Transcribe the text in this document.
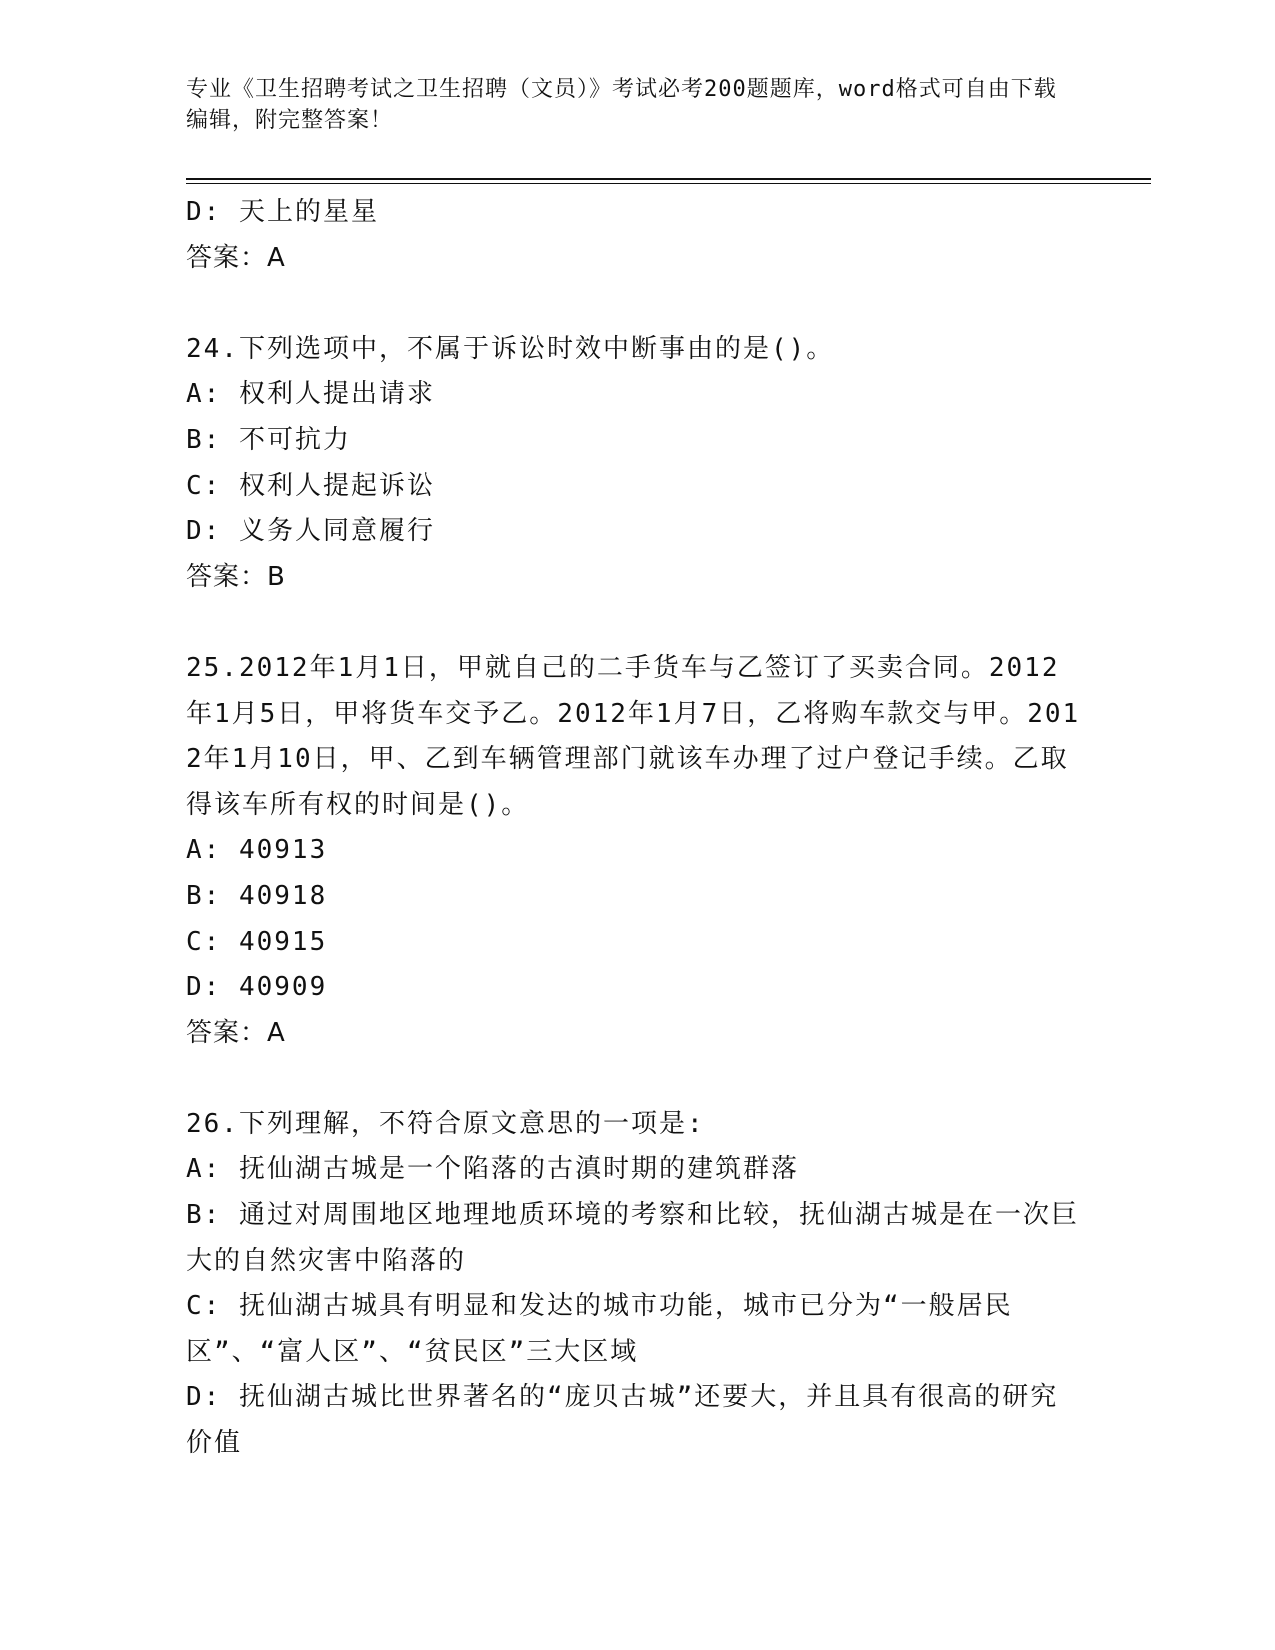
专业《卫生招聘考试之卫生招聘（文员）》考试必考200题题库，word格式可自由下载编辑，附完整答案！
D: 天上的星星
答案：A
24.下列选项中，不属于诉讼时效中断事由的是()。
A: 权利人提出请求
B: 不可抗力
C: 权利人提起诉讼
D: 义务人同意履行
答案：B
25.2012年1月1日，甲就自己的二手货车与乙签订了买卖合同。2012年1月5日，甲将货车交予乙。2012年1月7日，乙将购车款交与甲。2012年1月10日，甲、乙到车辆管理部门就该车办理了过户登记手续。乙取得该车所有权的时间是()。
A: 40913
B: 40918
C: 40915
D: 40909
答案：A
26.下列理解，不符合原文意思的一项是:
A: 抚仙湖古城是一个陷落的古滇时期的建筑群落
B: 通过对周围地区地理地质环境的考察和比较，抚仙湖古城是在一次巨大的自然灾害中陷落的
C: 抚仙湖古城具有明显和发达的城市功能，城市已分为“一般居民区”、“富人区”、“贫民区”三大区域
D: 抚仙湖古城比世界著名的“庞贝古城”还要大，并且具有很高的研究价值
